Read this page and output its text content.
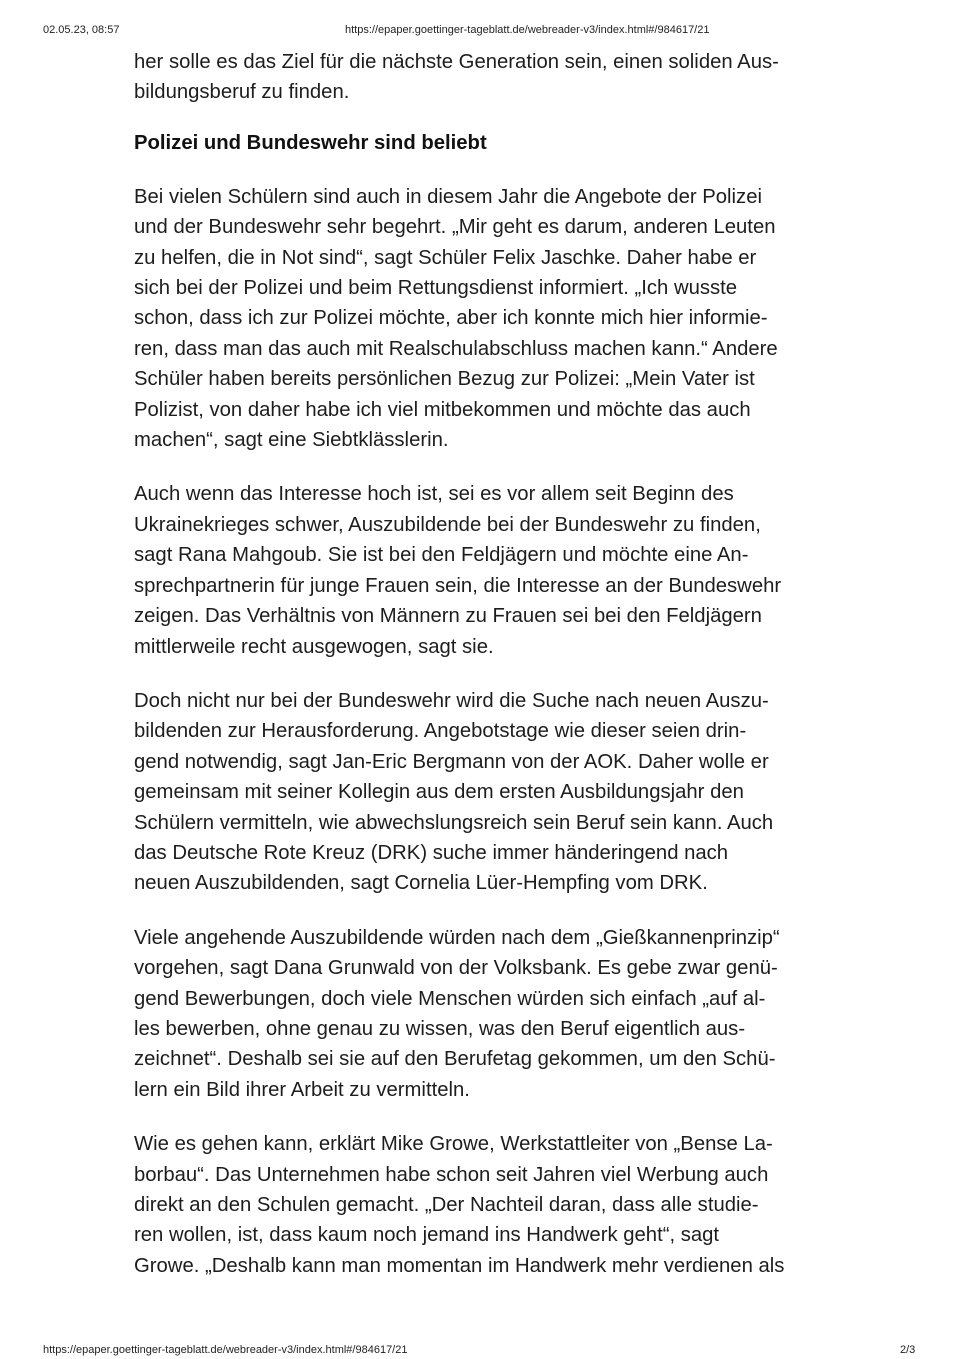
02.05.23, 08:57	https://epaper.goettinger-tageblatt.de/webreader-v3/index.html#/984617/21

her solle es das Ziel für die nächste Generation sein, einen soliden Aus-
bildungsberuf zu finden.

Polizei und Bundeswehr sind beliebt

Bei vielen Schülern sind auch in diesem Jahr die Angebote der Polizei
und der Bundeswehr sehr begehrt. „Mir geht es darum, anderen Leuten
zu helfen, die in Not sind“, sagt Schüler Felix Jaschke. Daher habe er
sich bei der Polizei und beim Rettungsdienst informiert. „Ich wusste
schon, dass ich zur Polizei möchte, aber ich konnte mich hier informie-
ren, dass man das auch mit Realschulabschluss machen kann.“ Andere
Schüler haben bereits persönlichen Bezug zur Polizei: „Mein Vater ist
Polizist, von daher habe ich viel mitbekommen und möchte das auch
machen“, sagt eine Siebtklässlerin.

Auch wenn das Interesse hoch ist, sei es vor allem seit Beginn des
Ukrainekrieges schwer, Auszubildende bei der Bundeswehr zu finden,
sagt Rana Mahgoub. Sie ist bei den Feldjägern und möchte eine An-
sprechpartnerin für junge Frauen sein, die Interesse an der Bundeswehr
zeigen. Das Verhältnis von Männern zu Frauen sei bei den Feldjägern
mittlerweile recht ausgewogen, sagt sie.

Doch nicht nur bei der Bundeswehr wird die Suche nach neuen Auszu-
bildenden zur Herausforderung. Angebotstage wie dieser seien drin-
gend notwendig, sagt Jan-Eric Bergmann von der AOK. Daher wolle er
gemeinsam mit seiner Kollegin aus dem ersten Ausbildungsjahr den
Schülern vermitteln, wie abwechslungsreich sein Beruf sein kann. Auch
das Deutsche Rote Kreuz (DRK) suche immer händeringend nach
neuen Auszubildenden, sagt Cornelia Lüer-Hempfing vom DRK.

Viele angehende Auszubildende würden nach dem „Gießkannenprinzip“
vorgehen, sagt Dana Grunwald von der Volksbank. Es gebe zwar genü-
gend Bewerbungen, doch viele Menschen würden sich einfach „auf al-
les bewerben, ohne genau zu wissen, was den Beruf eigentlich aus-
zeichnet“. Deshalb sei sie auf den Berufetag gekommen, um den Schü-
lern ein Bild ihrer Arbeit zu vermitteln.

Wie es gehen kann, erklärt Mike Growe, Werkstattleiter von „Bense La-
borbau“. Das Unternehmen habe schon seit Jahren viel Werbung auch
direkt an den Schulen gemacht. „Der Nachteil daran, dass alle studie-
ren wollen, ist, dass kaum noch jemand ins Handwerk geht“, sagt
Growe. „Deshalb kann man momentan im Handwerk mehr verdienen als

https://epaper.goettinger-tageblatt.de/webreader-v3/index.html#/984617/21	2/3
